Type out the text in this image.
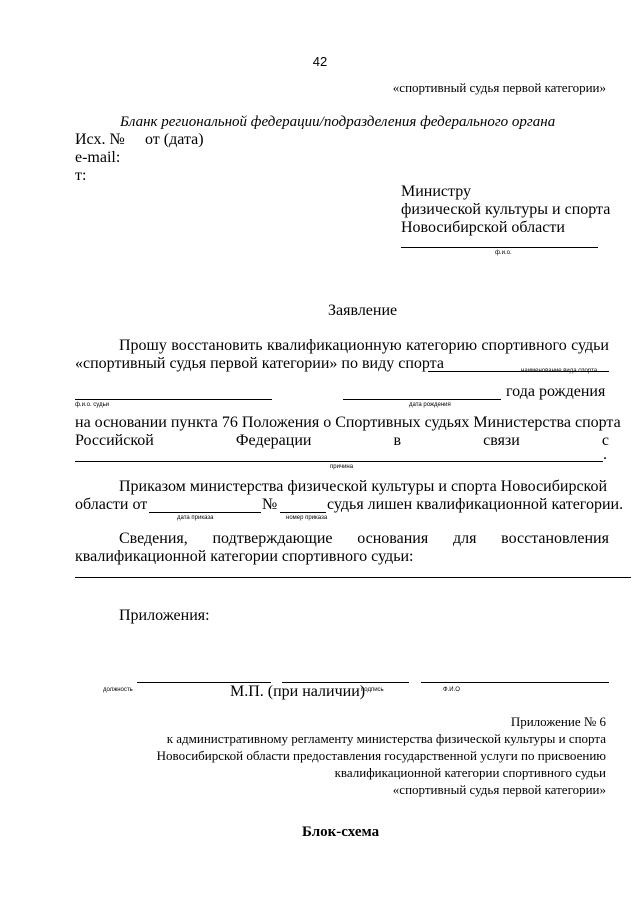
42
«спортивный судья первой категории»
Бланк региональной федерации/подразделения федерального органа
Исх. № от (дата)
e-mail:
т:
Министру
физической культуры и спорта
Новосибирской области
ф.и.о.
Заявление
Прошу восстановить квалификационную категорию спортивного судьи
«спортивный судья первой категории» по виду спорта	наименование вида спорта
ф.и.о. судьи	дата рождения
года рождения
на основании пункта 76 Положения о Спортивных судьях Министерства спорта
Российской	Федерации	в	связи	с
.
причина
Приказом министерства физической культуры и спорта Новосибирской
области от
дата приказа
№
номер приказа
судья лишен квалификационной категории.
Сведения, подтверждающие основания для восстановления
квалификационной категории спортивного судьи:
Приложения:
должность	М.П. (при наличии)
подпись	Ф.И.О
Приложение № 6
к административному регламенту министерства физической культуры и спорта
Новосибирской области предоставления государственной услуги по присвоению
квалификационной категории спортивного судьи
«спортивный судья первой категории»
Блок-схема
